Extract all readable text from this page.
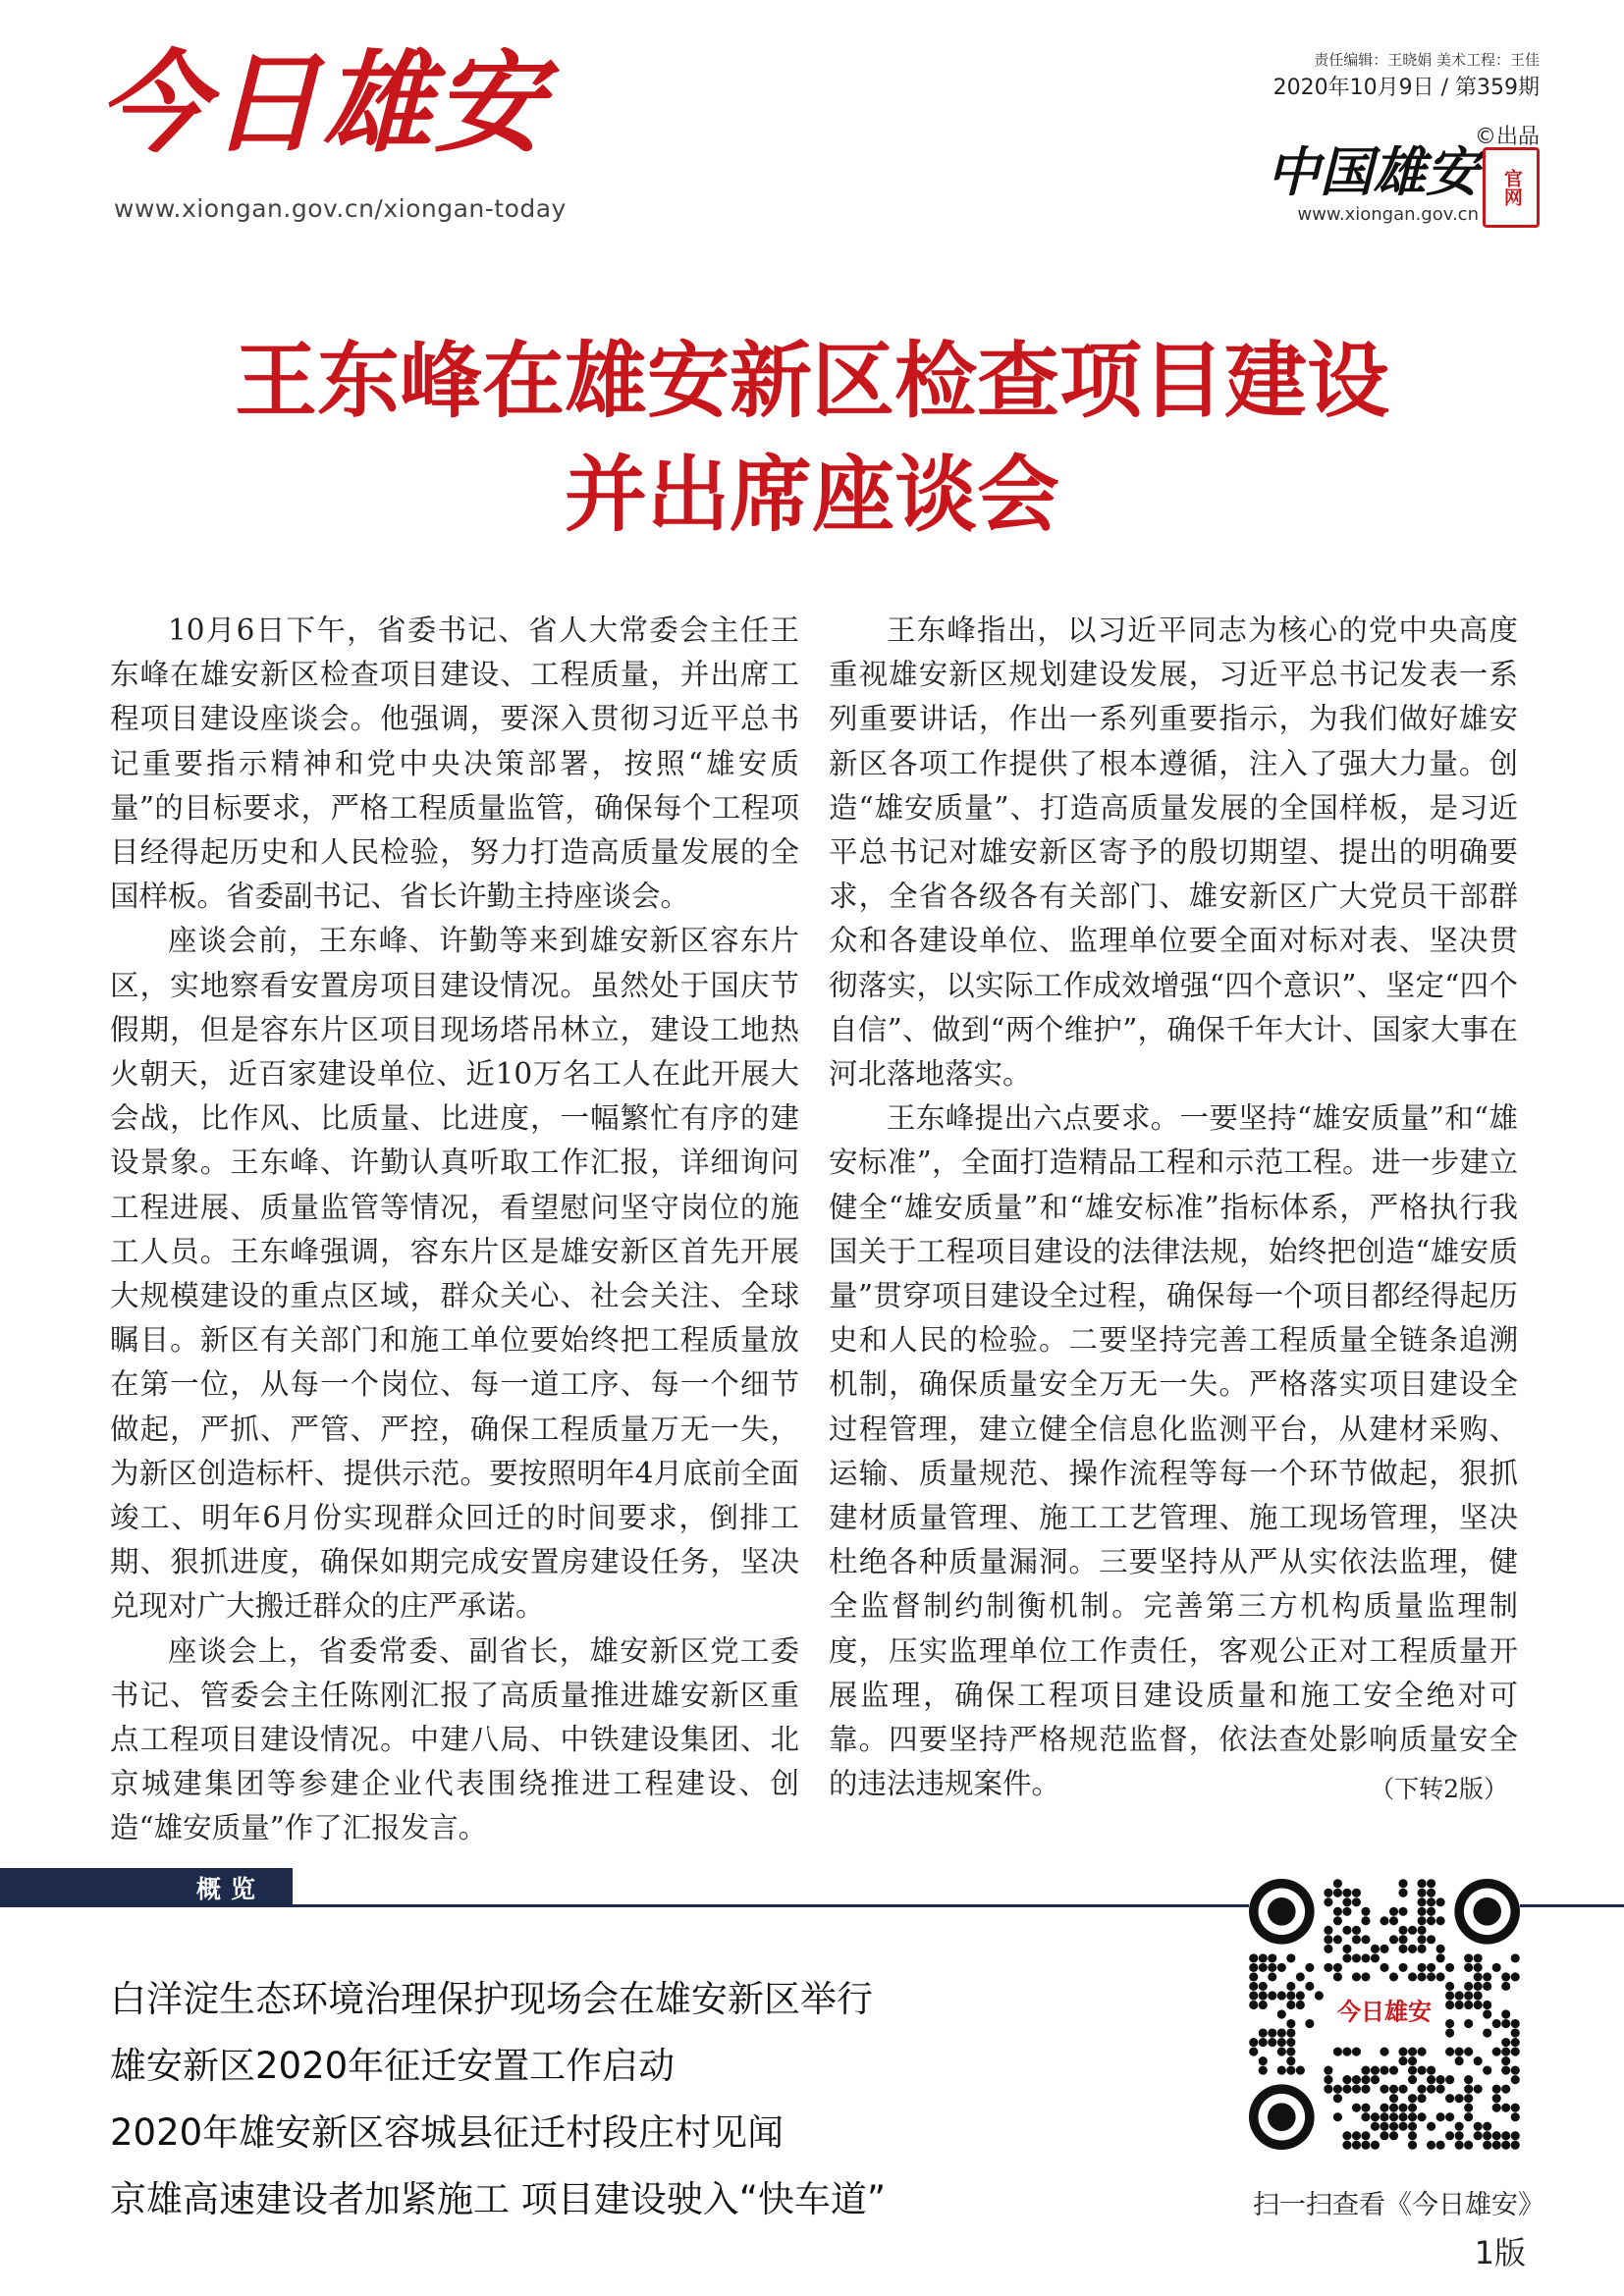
今日雄安
www.xiongan.gov.cn/xiongan-today
责任编辑：王晓娟 美术工程：王佳
2020年10月9日 / 第359期
©出品
中国雄安 官网
www.xiongan.gov.cn
王东峰在雄安新区检查项目建设
并出席座谈会

10月6日下午，省委书记、省人大常委会主任王东峰在雄安新区检查项目建设、工程质量，并出席工程项目建设座谈会。他强调，要深入贯彻习近平总书记重要指示精神和党中央决策部署，按照“雄安质量”的目标要求，严格工程质量监管，确保每个工程项目经得起历史和人民检验，努力打造高质量发展的全国样板。省委副书记、省长许勤主持座谈会。

座谈会前，王东峰、许勤等来到雄安新区容东片区，实地察看安置房项目建设情况。虽然处于国庆节假期，但是容东片区项目现场塔吊林立，建设工地热火朝天，近百家建设单位、近10万名工人在此开展大会战，比作风、比质量、比进度，一幅繁忙有序的建设景象。王东峰、许勤认真听取工作汇报，详细询问工程进展、质量监管等情况，看望慰问坚守岗位的施工人员。王东峰强调，容东片区是雄安新区首先开展大规模建设的重点区域，群众关心、社会关注、全球瞩目。新区有关部门和施工单位要始终把工程质量放在第一位，从每一个岗位、每一道工序、每一个细节做起，严抓、严管、严控，确保工程质量万无一失，为新区创造标杆、提供示范。要按照明年4月底前全面竣工、明年6月份实现群众回迁的时间要求，倒排工期、狠抓进度，确保如期完成安置房建设任务，坚决兑现对广大搬迁群众的庄严承诺。

座谈会上，省委常委、副省长，雄安新区党工委书记、管委会主任陈刚汇报了高质量推进雄安新区重点工程项目建设情况。中建八局、中铁建设集团、北京城建集团等参建企业代表围绕推进工程建设、创造“雄安质量”作了汇报发言。

王东峰指出，以习近平同志为核心的党中央高度重视雄安新区规划建设发展，习近平总书记发表一系列重要讲话，作出一系列重要指示，为我们做好雄安新区各项工作提供了根本遵循，注入了强大力量。创造“雄安质量”、打造高质量发展的全国样板，是习近平总书记对雄安新区寄予的殷切期望、提出的明确要求，全省各级各有关部门、雄安新区广大党员干部群众和各建设单位、监理单位要全面对标对表、坚决贯彻落实，以实际工作成效增强“四个意识”、坚定“四个自信”、做到“两个维护”，确保千年大计、国家大事在河北落地落实。

王东峰提出六点要求。一要坚持“雄安质量”和“雄安标准”，全面打造精品工程和示范工程。进一步建立健全“雄安质量”和“雄安标准”指标体系，严格执行我国关于工程项目建设的法律法规，始终把创造“雄安质量”贯穿项目建设全过程，确保每一个项目都经得起历史和人民的检验。二要坚持完善工程质量全链条追溯机制，确保质量安全万无一失。严格落实项目建设全过程管理，建立健全信息化监测平台，从建材采购、运输、质量规范、操作流程等每一个环节做起，狠抓建材质量管理、施工工艺管理、施工现场管理，坚决杜绝各种质量漏洞。三要坚持从严从实依法监理，健全监督制约制衡机制。完善第三方机构质量监理制度，压实监理单位工作责任，客观公正对工程质量开展监理，确保工程项目建设质量和施工安全绝对可靠。四要坚持严格规范监督，依法查处影响质量安全的违法违规案件。	（下转2版）
概览
白洋淀生态环境治理保护现场会在雄安新区举行
雄安新区2020年征迁安置工作启动
2020年雄安新区容城县征迁村段庄村见闻
京雄高速建设者加紧施工 项目建设驶入“快车道”
今日雄安
扫一扫查看《今日雄安》
1版
